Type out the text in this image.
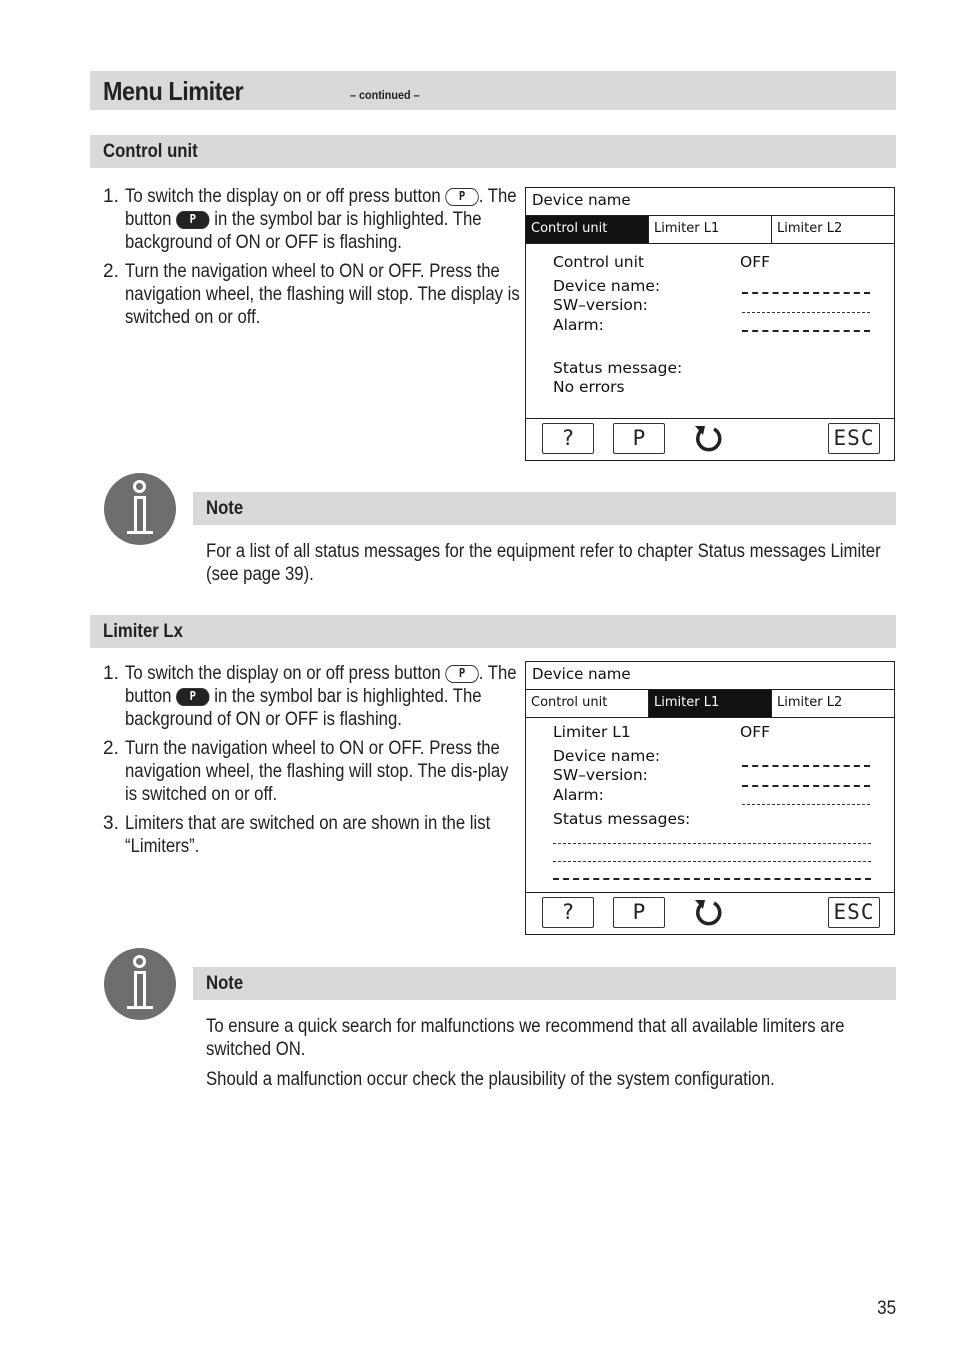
Menu Limiter	– continued –
Control unit
1. To switch the display on or off press button P . The button P in the symbol bar is highlighted. The background of ON or OFF is flashing.
2. Turn the navigation wheel to ON or OFF. Press the navigation wheel, the flashing will stop. The display is switched on or off.
Device name
Control unit	Limiter L1	Limiter L2
Control unit	OFF
Device name:
SW–version:
Alarm:
Status message:
No errors
?	P	ESC
Note

For a list of all status messages for the equipment refer to chapter Status messages Limiter (see page 39).

Limiter Lx
1. To switch the display on or off press button P . The button P in the symbol bar is highlighted. The background of ON or OFF is flashing.
2. Turn the navigation wheel to ON or OFF. Press the navigation wheel, the flashing will stop. The dis-play is switched on or off.
3. Limiters that are switched on are shown in the list “Limiters”.
Device name
Control unit	Limiter L1	Limiter L2
Limiter L1	OFF
Device name:
SW–version:
Alarm:
Status messages:
?	P	ESC
Note

To ensure a quick search for malfunctions we recommend that all available limiters are switched ON.

Should a malfunction occur check the plausibility of the system configuration.

35
